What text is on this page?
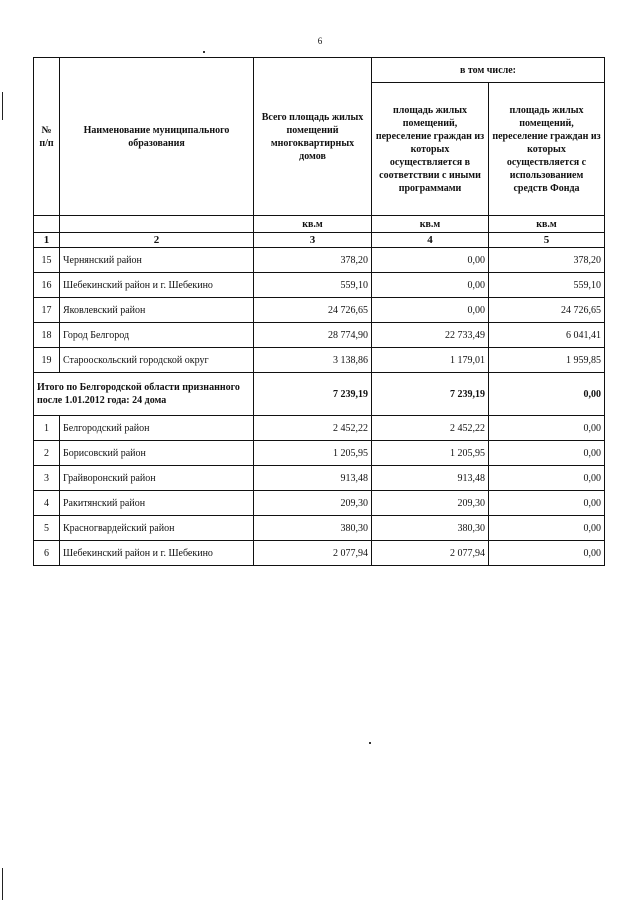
6
№ п/п	Наименование муниципального образования	Всего площадь жилых помещений многоквартирных домов	в том числе:	
			площадь жилых помещений, переселение граждан из которых осуществляется в соответствии с иными программами	площадь жилых помещений, переселение граждан из которых осуществляется с использованием средств Фонда
		кв.м	кв.м	кв.м
1	2	3	4	5
15	Чернянский район	378,20	0,00	378,20
16	Шебекинский район и г. Шебекино	559,10	0,00	559,10
17	Яковлевский район	24 726,65	0,00	24 726,65
18	Город Белгород	28 774,90	22 733,49	6 041,41
19	Старооскольский городской округ	3 138,86	1 179,01	1 959,85
Итого по Белгородской области признанного после 1.01.2012 года: 24 дома		7 239,19	7 239,19	0,00
1	Белгородский район	2 452,22	2 452,22	0,00
2	Борисовский район	1 205,95	1 205,95	0,00
3	Грайворонский район	913,48	913,48	0,00
4	Ракитянский район	209,30	209,30	0,00
5	Красногвардейский район	380,30	380,30	0,00
6	Шебекинский район и г. Шебекино	2 077,94	2 077,94	0,00
